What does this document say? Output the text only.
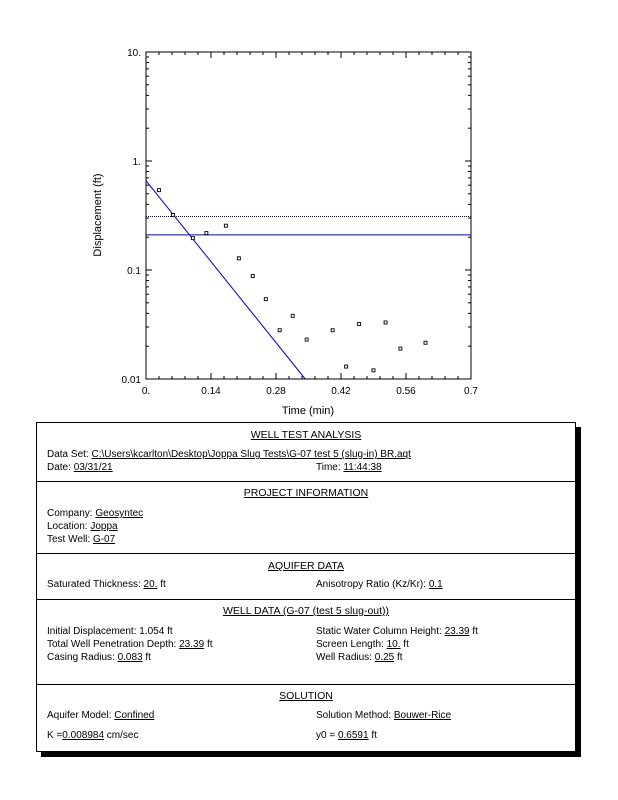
0.	0.14	0.28	0.42	0.56	0.7
0.01
0.1
1.
10.
Time (min)
Displacement (ft)
WELL TEST ANALYSIS
Data Set: C:\Users\kcarlton\Desktop\Joppa Slug Tests\G-07 test 5 (slug-in) BR.aqt
Date: 03/31/21	Time: 11:44:38
PROJECT INFORMATION
Company: Geosyntec
Location: Joppa
Test Well: G-07
AQUIFER DATA
Saturated Thickness: 20. ft	Anisotropy Ratio (Kz/Kr): 0.1
WELL DATA (G-07 (test 5 slug-out))
Initial Displacement: 1.054 ft	Static Water Column Height: 23.39 ft
Total Well Penetration Depth: 23.39 ft	Screen Length: 10. ft
Casing Radius: 0.083 ft	Well Radius: 0.25 ft
SOLUTION
Aquifer Model: Confined	Solution Method: Bouwer-Rice
K =0.008984 cm/sec	y0 = 0.6591 ft
